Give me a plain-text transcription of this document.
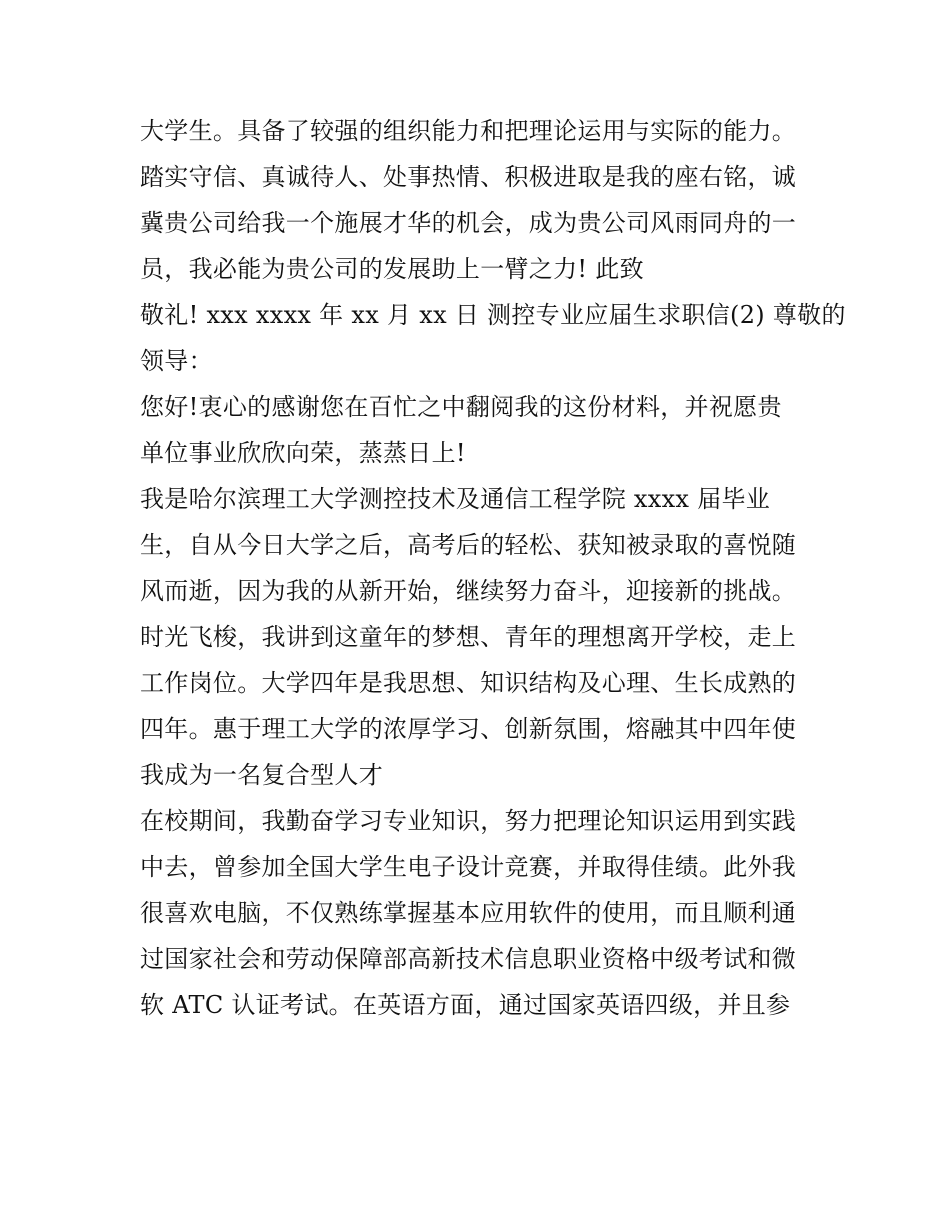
大学生。具备了较强的组织能力和把理论运用与实际的能力。
踏实守信、真诚待人、处事热情、积极进取是我的座右铭，诚
冀贵公司给我一个施展才华的机会，成为贵公司风雨同舟的一
员，我必能为贵公司的发展助上一臂之力! 此致
敬礼! xxx xxxx 年 xx 月 xx 日 测控专业应届生求职信(2) 尊敬的
领导：
您好!衷心的感谢您在百忙之中翻阅我的这份材料，并祝愿贵
单位事业欣欣向荣，蒸蒸日上!
我是哈尔滨理工大学测控技术及通信工程学院 xxxx 届毕业
生，自从今日大学之后，高考后的轻松、获知被录取的喜悦随
风而逝，因为我的从新开始，继续努力奋斗，迎接新的挑战。
时光飞梭，我讲到这童年的梦想、青年的理想离开学校，走上
工作岗位。大学四年是我思想、知识结构及心理、生长成熟的
四年。惠于理工大学的浓厚学习、创新氛围，熔融其中四年使
我成为一名复合型人才
在校期间，我勤奋学习专业知识，努力把理论知识运用到实践
中去，曾参加全国大学生电子设计竞赛，并取得佳绩。此外我
很喜欢电脑，不仅熟练掌握基本应用软件的使用，而且顺利通
过国家社会和劳动保障部高新技术信息职业资格中级考试和微
软 ATC 认证考试。在英语方面，通过国家英语四级，并且参
